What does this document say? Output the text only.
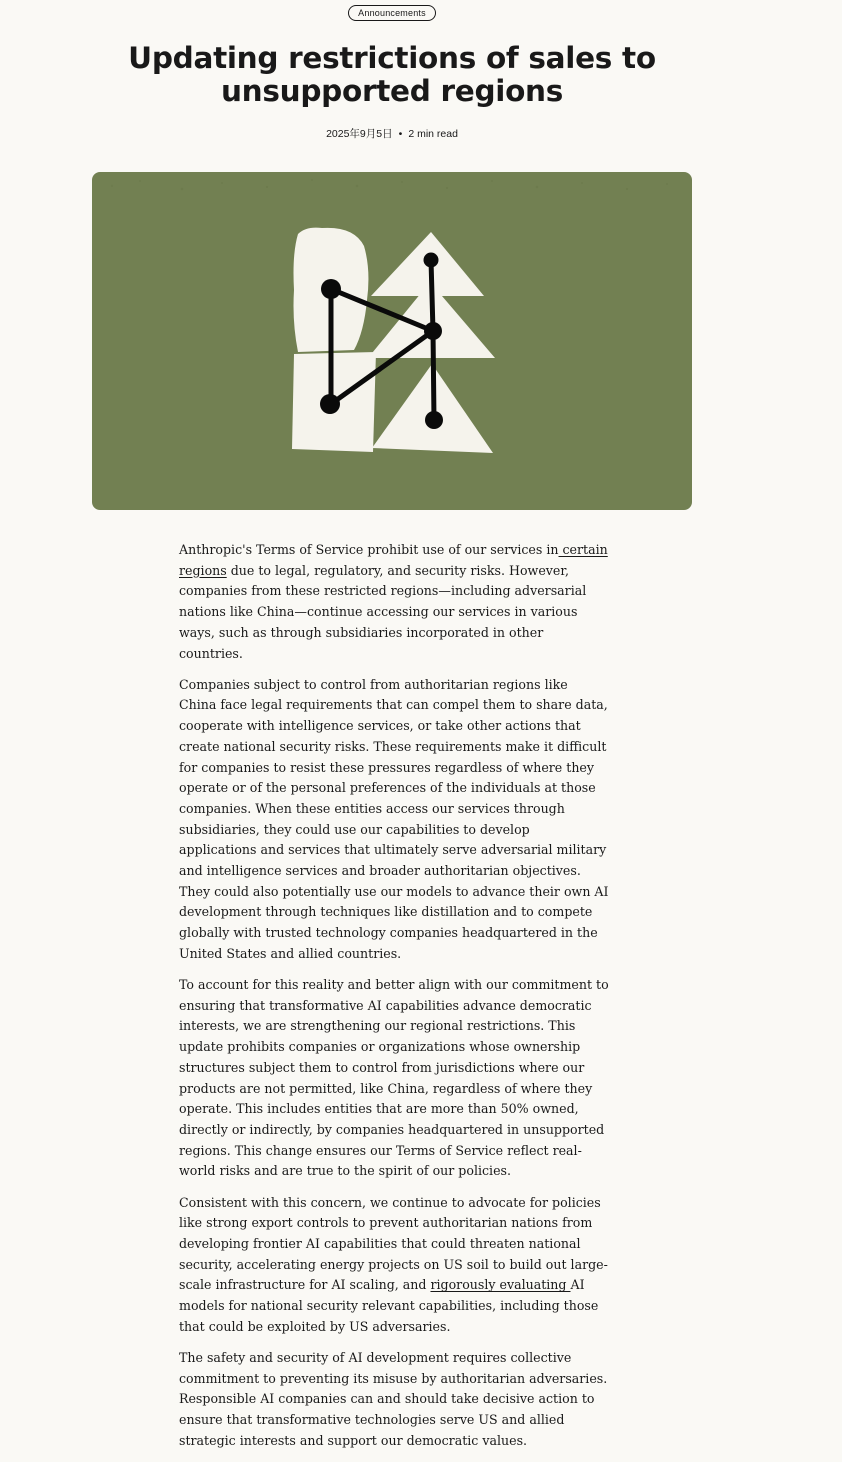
Announcements
Updating restrictions of sales to unsupported regions
2025年9月5日 • 2 min read

Anthropic's Terms of Service prohibit use of our services in certain regions due to legal, regulatory, and security risks. However, companies from these restricted regions—including adversarial nations like China—continue accessing our services in various ways, such as through subsidiaries incorporated in other countries.

Companies subject to control from authoritarian regions like China face legal requirements that can compel them to share data, cooperate with intelligence services, or take other actions that create national security risks. These requirements make it difficult for companies to resist these pressures regardless of where they operate or of the personal preferences of the individuals at those companies. When these entities access our services through subsidiaries, they could use our capabilities to develop applications and services that ultimately serve adversarial military and intelligence services and broader authoritarian objectives. They could also potentially use our models to advance their own AI development through techniques like distillation and to compete globally with trusted technology companies headquartered in the United States and allied countries.

To account for this reality and better align with our commitment to ensuring that transformative AI capabilities advance democratic interests, we are strengthening our regional restrictions. This update prohibits companies or organizations whose ownership structures subject them to control from jurisdictions where our products are not permitted, like China, regardless of where they operate. This includes entities that are more than 50% owned, directly or indirectly, by companies headquartered in unsupported regions. This change ensures our Terms of Service reflect real-world risks and are true to the spirit of our policies.

Consistent with this concern, we continue to advocate for policies like strong export controls to prevent authoritarian nations from developing frontier AI capabilities that could threaten national security, accelerating energy projects on US soil to build out large-scale infrastructure for AI scaling, and rigorously evaluating AI models for national security relevant capabilities, including those that could be exploited by US adversaries.

The safety and security of AI development requires collective commitment to preventing its misuse by authoritarian adversaries. Responsible AI companies can and should take decisive action to ensure that transformative technologies serve US and allied strategic interests and support our democratic values.
